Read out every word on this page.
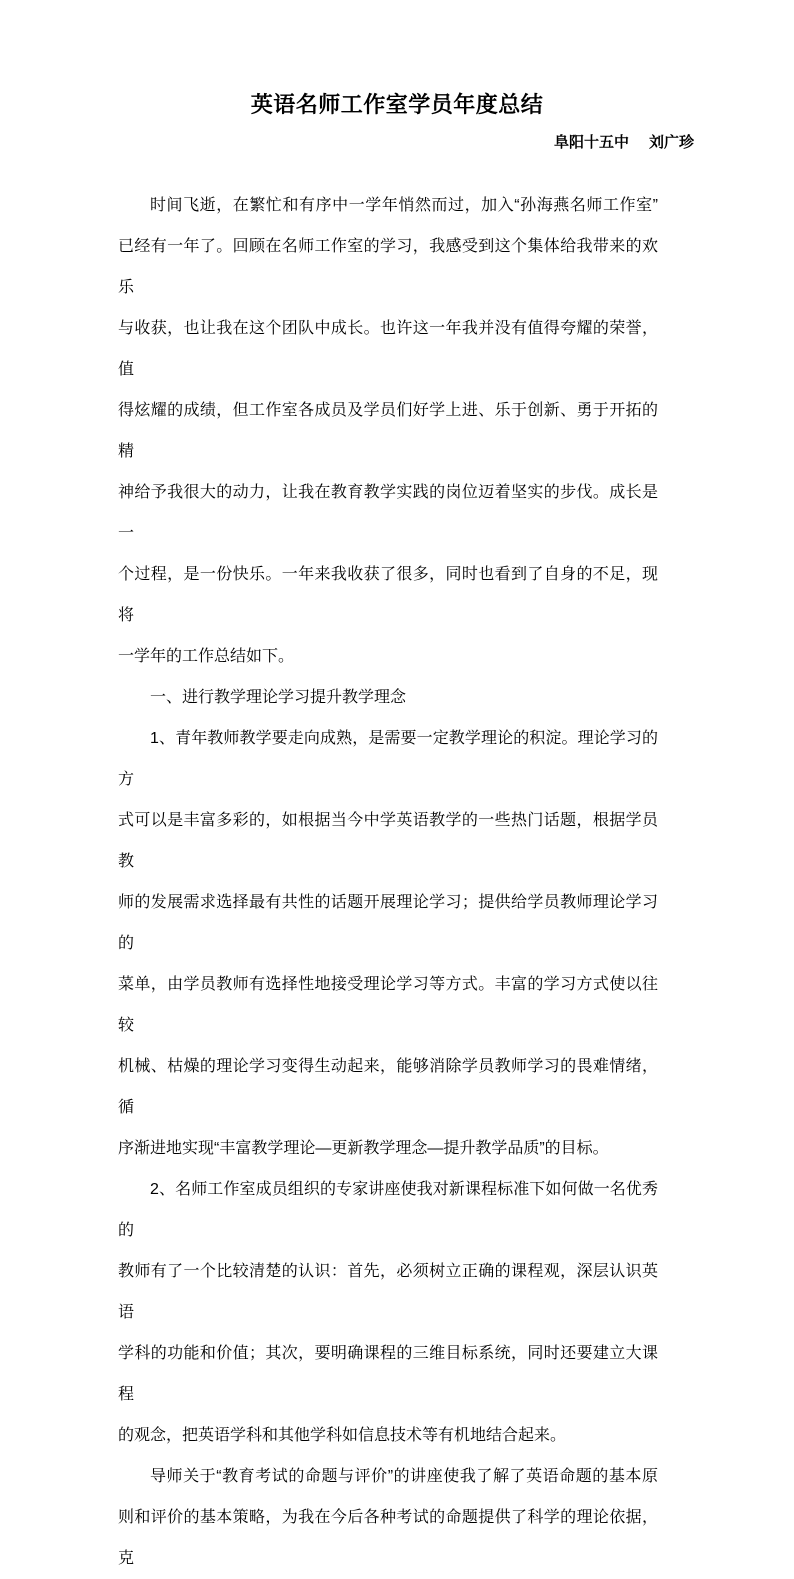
英语名师工作室学员年度总结
阜阳十五中 刘广珍
时间飞逝，在繁忙和有序中一学年悄然而过，加入“孙海燕名师工作室”
已经有一年了。回顾在名师工作室的学习，我感受到这个集体给我带来的欢乐
与收获，也让我在这个团队中成长。也许这一年我并没有值得夸耀的荣誉，值
得炫耀的成绩，但工作室各成员及学员们好学上进、乐于创新、勇于开拓的精
神给予我很大的动力，让我在教育教学实践的岗位迈着坚实的步伐。成长是一
个过程，是一份快乐。一年来我收获了很多，同时也看到了自身的不足，现将
一学年的工作总结如下。
一、进行教学理论学习提升教学理念
1、青年教师教学要走向成熟，是需要一定教学理论的积淀。理论学习的方
式可以是丰富多彩的，如根据当今中学英语教学的一些热门话题，根据学员教
师的发展需求选择最有共性的话题开展理论学习；提供给学员教师理论学习的
菜单，由学员教师有选择性地接受理论学习等方式。丰富的学习方式使以往较
机械、枯燥的理论学习变得生动起来，能够消除学员教师学习的畏难情绪，循
序渐进地实现“丰富教学理论—更新教学理念—提升教学品质”的目标。
2、名师工作室成员组织的专家讲座使我对新课程标准下如何做一名优秀的
教师有了一个比较清楚的认识：首先，必须树立正确的课程观，深层认识英语
学科的功能和价值；其次，要明确课程的三维目标系统，同时还要建立大课程
的观念，把英语学科和其他学科如信息技术等有机地结合起来。
导师关于“教育考试的命题与评价”的讲座使我了解了英语命题的基本原
则和评价的基本策略，为我在今后各种考试的命题提供了科学的理论依据，克
